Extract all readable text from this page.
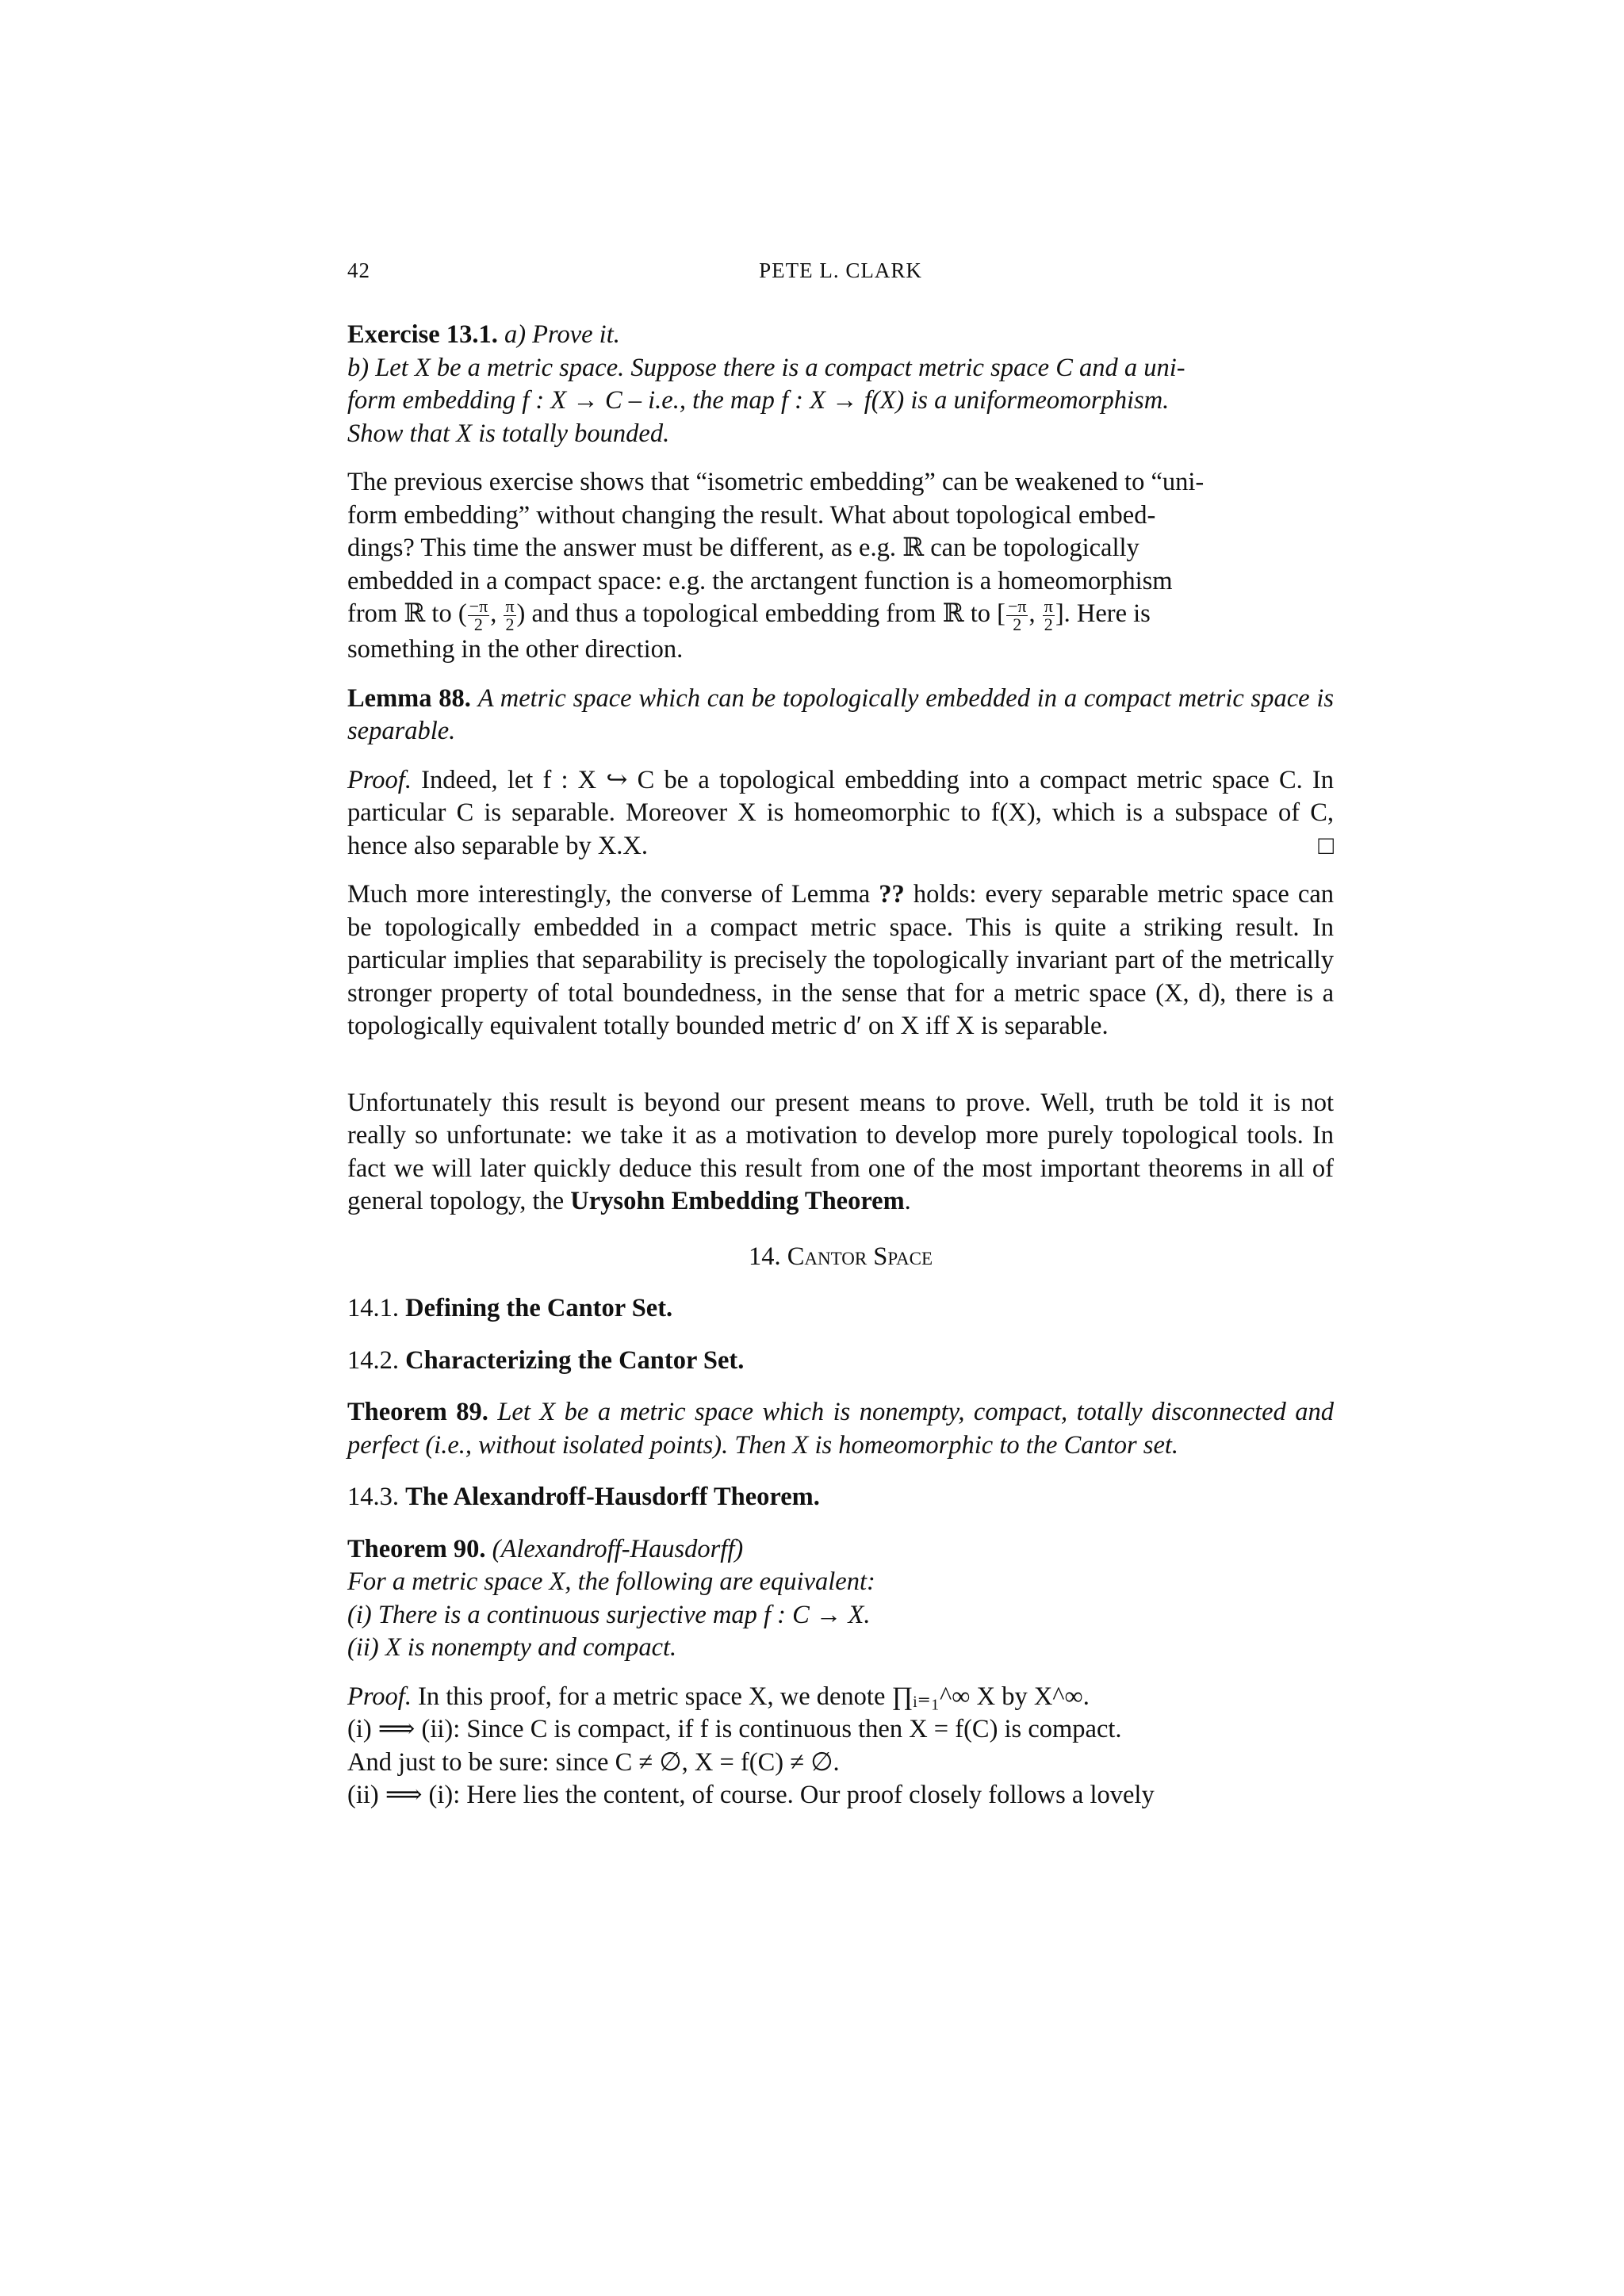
42	PETE L. CLARK
Exercise 13.1. a) Prove it.
b) Let X be a metric space. Suppose there is a compact metric space C and a uni-
form embedding f : X → C – i.e., the map f : X → f(X) is a uniformeomorphism.
Show that X is totally bounded.
The previous exercise shows that “isometric embedding” can be weakened to “uni-
form embedding” without changing the result. What about topological embed-
dings? This time the answer must be different, as e.g. ℝ can be topologically
embedded in a compact space: e.g. the arctangent function is a homeomorphism
from ℝ to ( $\frac{-\pi}{2}$ , $\frac{\pi}{2}$ ) and thus a topological embedding from ℝ to [ $\frac{-\pi}{2}$ , $\frac{\pi}{2}$ ]. Here is
something in the other direction.
Lemma 88. A metric space which can be topologically embedded in a compact metric space is separable.
Proof. Indeed, let f : X ↪ C be a topological embedding into a compact metric space C. In particular C is separable. Moreover X is homeomorphic to f(X), which is a subspace of C, hence also separable by X.X.	□
Much more interestingly, the converse of Lemma ?? holds: every separable metric space can be topologically embedded in a compact metric space. This is quite a striking result. In particular implies that separability is precisely the topologically invariant part of the metrically stronger property of total boundedness, in the sense that for a metric space (X, d), there is a topologically equivalent totally bounded metric d′ on X iff X is separable.
Unfortunately this result is beyond our present means to prove. Well, truth be told it is not really so unfortunate: we take it as a motivation to develop more purely topological tools. In fact we will later quickly deduce this result from one of the most important theorems in all of general topology, the Urysohn Embedding Theorem.
14. Cantor Space
14.1. Defining the Cantor Set.
14.2. Characterizing the Cantor Set.
Theorem 89. Let X be a metric space which is nonempty, compact, totally disconnected and perfect (i.e., without isolated points). Then X is homeomorphic to the Cantor set.
14.3. The Alexandroff-Hausdorff Theorem.
Theorem 90. (Alexandroff-Hausdorff)
For a metric space X, the following are equivalent:
(i) There is a continuous surjective map f : C → X.
(ii) X is nonempty and compact.
Proof. In this proof, for a metric space X, we denote ∏ᵢ₌₁^∞ X by X^∞.
(i) ⟹ (ii): Since C is compact, if f is continuous then X = f(C) is compact.
And just to be sure: since C ≠ ∅, X = f(C) ≠ ∅.
(ii) ⟹ (i): Here lies the content, of course. Our proof closely follows a lovely
